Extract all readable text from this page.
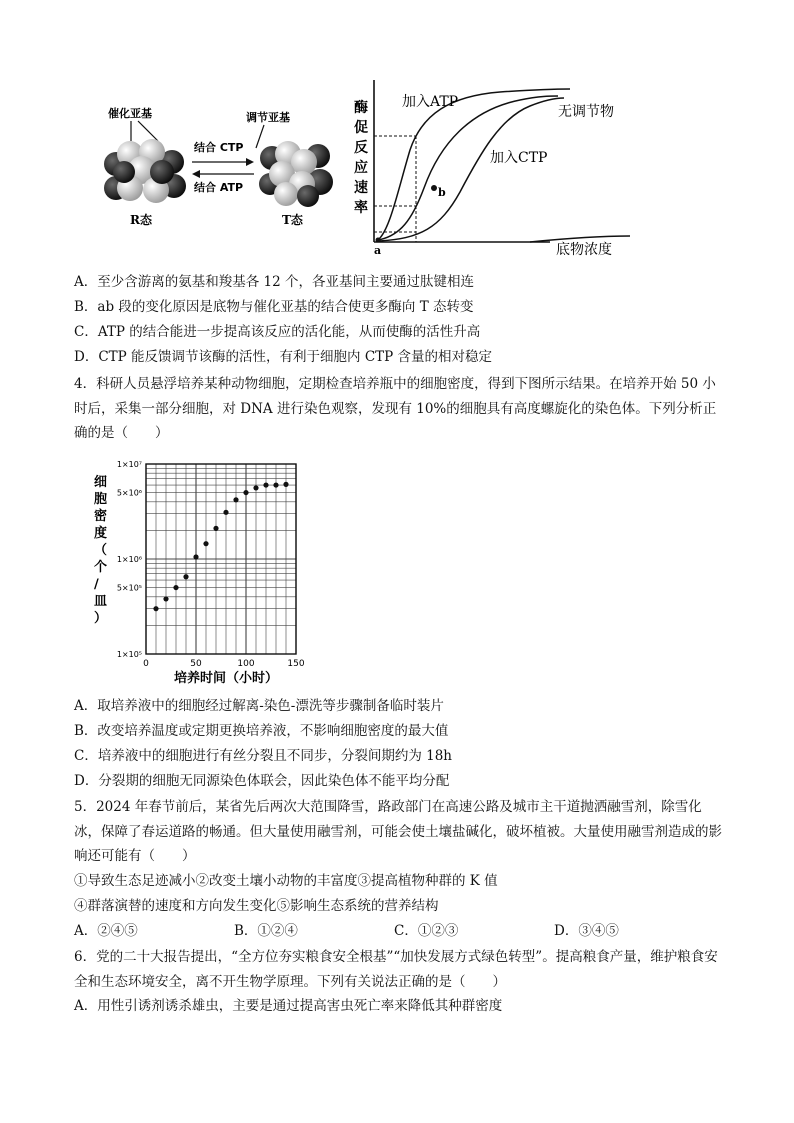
催化亚基	调节亚基
R态
结合 CTP
结合 ATP
T态
酶
促
反
应
速
率
a
b
加入ATP
无调节物
加入CTP
底物浓度
A．至少含游离的氨基和羧基各 12 个，各亚基间主要通过肽键相连
B．ab 段的变化原因是底物与催化亚基的结合使更多酶向 T 态转变
C．ATP 的结合能进一步提高该反应的活化能，从而使酶的活性升高
D．CTP 能反馈调节该酶的活性，有利于细胞内 CTP 含量的相对稳定
4．科研人员悬浮培养某种动物细胞，定期检查培养瓶中的细胞密度，得到下图所示结果。在培养开始 50 小时后，采集一部分细胞，对 DNA 进行染色观察，发现有 10%的细胞具有高度螺旋化的染色体。下列分析正确的是（　　）
1×10⁵
5×10⁵
1×10⁶
5×10⁶
1×10⁷
0	50	100	150
细
胞
密
度
（
个
/
皿
）
培养时间（小时）
A．取培养液中的细胞经过解离-染色-漂洗等步骤制备临时装片
B．改变培养温度或定期更换培养液，不影响细胞密度的最大值
C．培养液中的细胞进行有丝分裂且不同步，分裂间期约为 18h
D．分裂期的细胞无同源染色体联会，因此染色体不能平均分配
5．2024 年春节前后，某省先后两次大范围降雪，路政部门在高速公路及城市主干道抛洒融雪剂，除雪化冰，保障了春运道路的畅通。但大量使用融雪剂，可能会使土壤盐碱化，破坏植被。大量使用融雪剂造成的影响还可能有（　　）
①导致生态足迹减小②改变土壤小动物的丰富度③提高植物种群的 K 值
④群落演替的速度和方向发生变化⑤影响生态系统的营养结构
A．②④⑤	B．①②④	C．①②③	D．③④⑤
6．党的二十大报告提出，“全方位夯实粮食安全根基”“加快发展方式绿色转型”。提高粮食产量，维护粮食安全和生态环境安全，离不开生物学原理。下列有关说法正确的是（　　）
A．用性引诱剂诱杀雄虫，主要是通过提高害虫死亡率来降低其种群密度
